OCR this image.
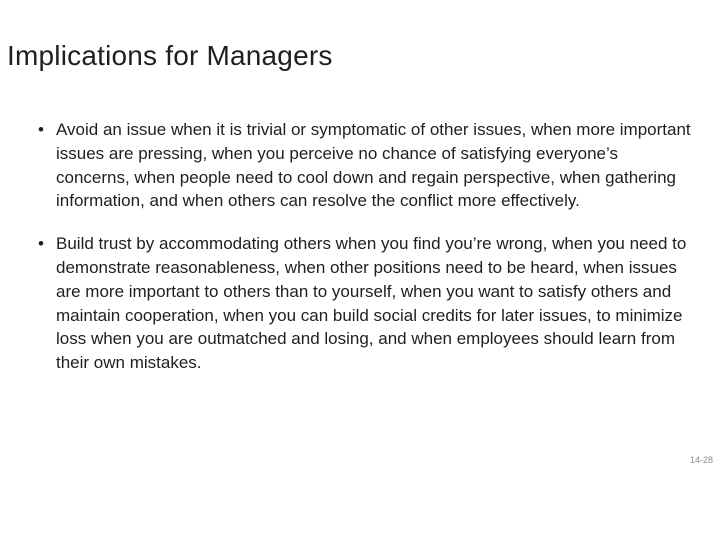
Implications for Managers
• Avoid an issue when it is trivial or symptomatic of other issues, when more important issues are pressing, when you perceive no chance of satisfying everyone’s concerns, when people need to cool down and regain perspective, when gathering information, and when others can resolve the conflict more effectively.
• Build trust by accommodating others when you find you’re wrong, when you need to demonstrate reasonableness, when other positions need to be heard, when issues are more important to others than to yourself, when you want to satisfy others and maintain cooperation, when you can build social credits for later issues, to minimize loss when you are outmatched and losing, and when employees should learn from their own mistakes.
14-28
